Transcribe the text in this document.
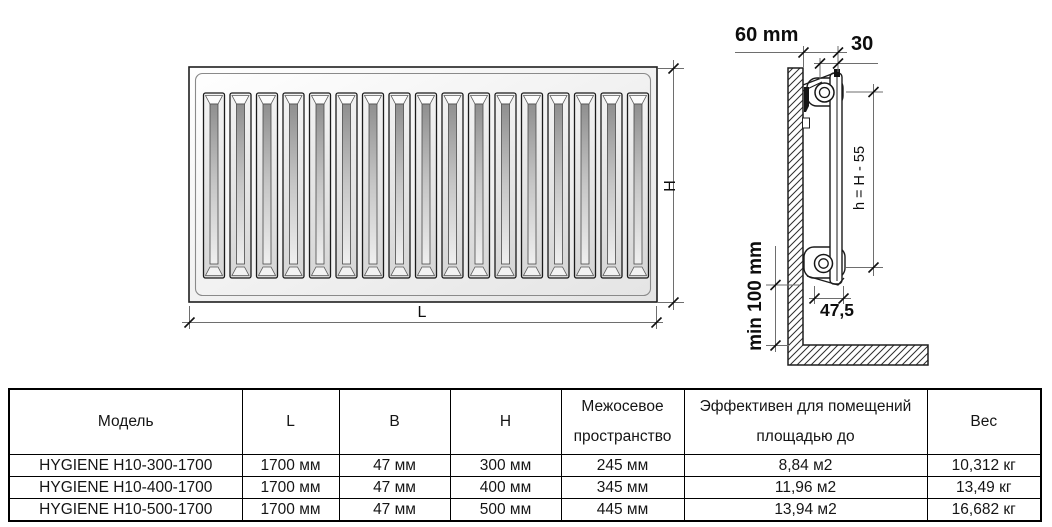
60 mm	30
h = H - 55
min 100 mm	47,5
L
H
Модель	L	B	H	Межосевое пространство	Эффективен для помещений площадью до	Вес
HYGIENE H10-300-1700	1700 мм	47 мм	300 мм	245 мм	8,84 м2	10,312 кг
HYGIENE H10-400-1700	1700 мм	47 мм	400 мм	345 мм	11,96 м2	13,49 кг
HYGIENE H10-500-1700	1700 мм	47 мм	500 мм	445 мм	13,94 м2	16,682 кг
